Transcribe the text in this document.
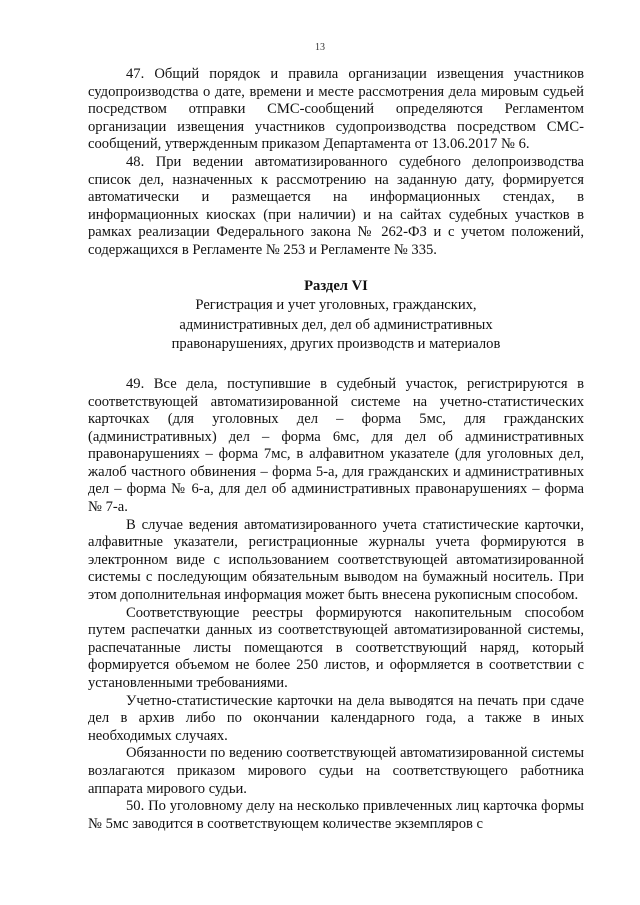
13

47. Общий порядок и правила организации извещения участников судопроизводства о дате, времени и месте рассмотрения дела мировым судьей посредством отправки СМС-сообщений определяются Регламентом организации извещения участников судопроизводства посредством СМС-сообщений, утвержденным приказом Департамента от 13.06.2017 № 6.

48. При ведении автоматизированного судебного делопроизводства список дел, назначенных к рассмотрению на заданную дату, формируется автоматически и размещается на информационных стендах, в информационных киосках (при наличии) и на сайтах судебных участков в рамках реализации Федерального закона № 262-ФЗ и с учетом положений, содержащихся в Регламенте № 253 и Регламенте № 335.

Раздел VI

Регистрация и учет уголовных, гражданских,

административных дел, дел об административных

правонарушениях, других производств и материалов

49. Все дела, поступившие в судебный участок, регистрируются в соответствующей автоматизированной системе на учетно-статистических карточках (для уголовных дел – форма 5мс, для гражданских (административных) дел – форма 6мс, для дел об административных правонарушениях – форма 7мс, в алфавитном указателе (для уголовных дел, жалоб частного обвинения – форма 5-а, для гражданских и административных дел – форма № 6-а, для дел об административных правонарушениях – форма № 7-а.

В случае ведения автоматизированного учета статистические карточки, алфавитные указатели, регистрационные журналы учета формируются в электронном виде с использованием соответствующей автоматизированной системы с последующим обязательным выводом на бумажный носитель. При этом дополнительная информация может быть внесена рукописным способом.

Соответствующие реестры формируются накопительным способом путем распечатки данных из соответствующей автоматизированной системы, распечатанные листы помещаются в соответствующий наряд, который формируется объемом не более 250 листов, и оформляется в соответствии с установленными требованиями.

Учетно-статистические карточки на дела выводятся на печать при сдаче дел в архив либо по окончании календарного года, а также в иных необходимых случаях.

Обязанности по ведению соответствующей автоматизированной системы возлагаются приказом мирового судьи на соответствующего работника аппарата мирового судьи.

50. По уголовному делу на несколько привлеченных лиц карточка формы № 5мс заводится в соответствующем количестве экземпляров с
